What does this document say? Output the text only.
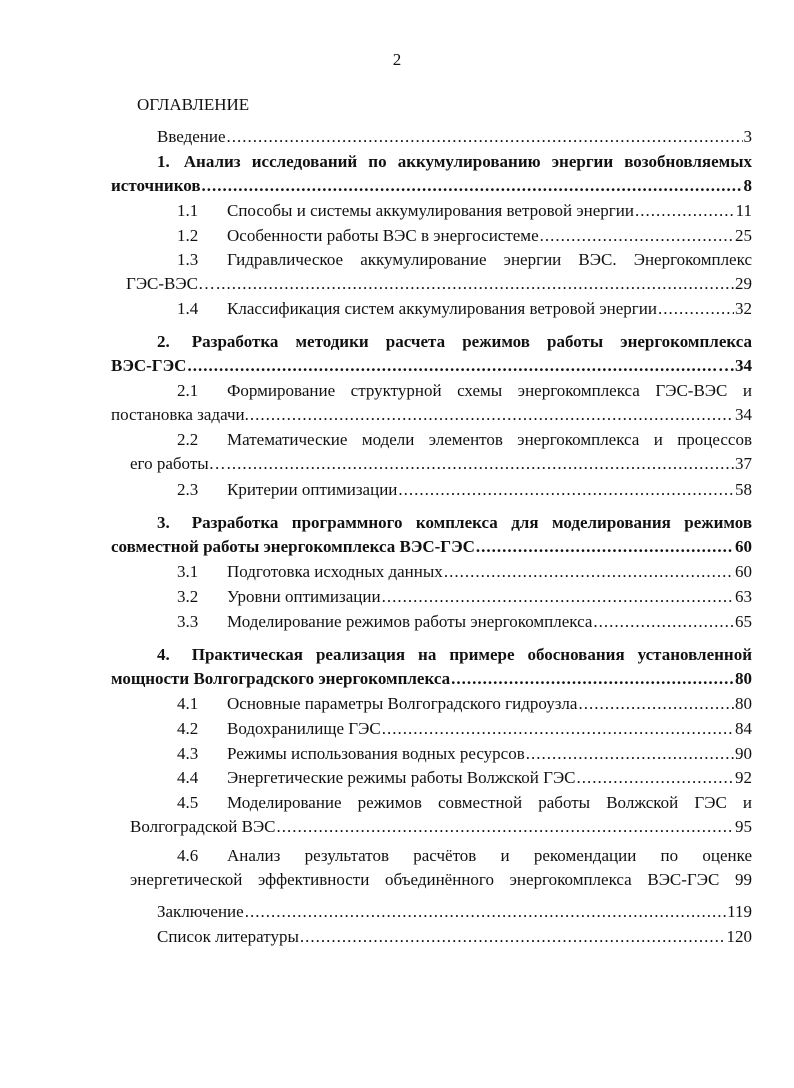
2
ОГЛАВЛЕНИЕ
Введение .....	3
1. Анализ исследований по аккумулированию энергии возобновляемых
источников .....	8
1.1	Способы и системы аккумулирования ветровой энергии .....	11
1.2	Особенности работы ВЭС в энергосистеме .....	25
1.3	Гидравлическое аккумулирование энергии ВЭС. Энергокомплекс
ГЭС-ВЭС… .....	29
1.4	Классификация систем аккумулирования ветровой энергии .....	32
2. Разработка методики расчета режимов работы энергокомплекса
ВЭС-ГЭС .....	…34
2.1	Формирование структурной схемы энергокомплекса ГЭС-ВЭС и
постановка задачи. .....	34
2.2	Математические модели элементов энергокомплекса и процессов
его работы… .....	37
2.3	Критерии оптимизации .....	58
3. Разработка программного комплекса для моделирования режимов
совместной работы энергокомплекса ВЭС-ГЭС .....	60
3.1	Подготовка исходных данных .....	60
3.2	Уровни оптимизации .....	63
3.3	Моделирование режимов работы энергокомплекса .....	65
4. Практическая реализация на примере обоснования установленной
мощности Волгоградского энергокомплекса .....	80
4.1	Основные параметры Волгоградского гидроузла .....	80
4.2	Водохранилище ГЭС .....	84
4.3	Режимы использования водных ресурсов .....	90
4.4	Энергетические режимы работы Волжской ГЭС .....	92
4.5	Моделирование режимов совместной работы Волжской ГЭС и
Волгоградской ВЭС .....	95
4.6	Анализ результатов расчётов и рекомендации по оценке
энергетической эффективности объединённого энергокомплекса ВЭС-ГЭС 99
Заключение .....	119
Список литературы .....	120
